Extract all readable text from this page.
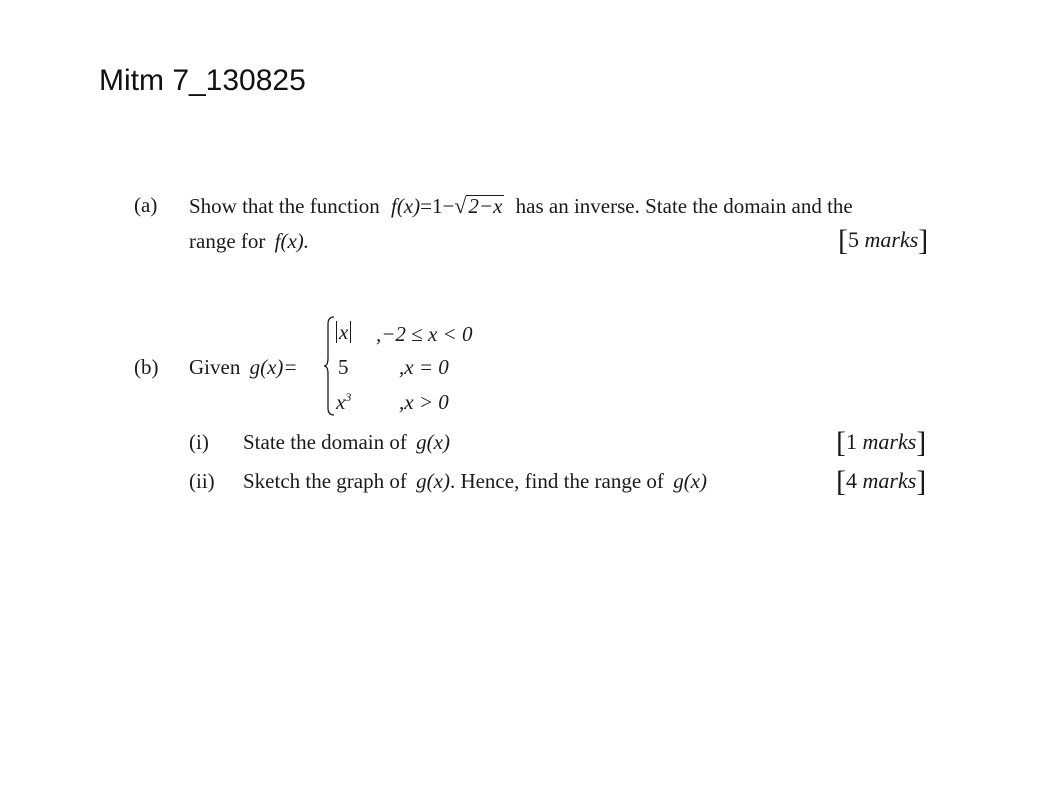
Mitm 7_130825
(a) Show that the function f(x)=1−√2−x has an inverse. State the domain and the
range for f(x).	[5 marks]
(b) Given g(x)=
x ,−2 ≤ x < 0
5 ,x = 0
$x^3$ ,x > 0
(i) State the domain of g(x)	[1 marks]
(ii) Sketch the graph of g(x). Hence, find the range of g(x)	[4 marks]
